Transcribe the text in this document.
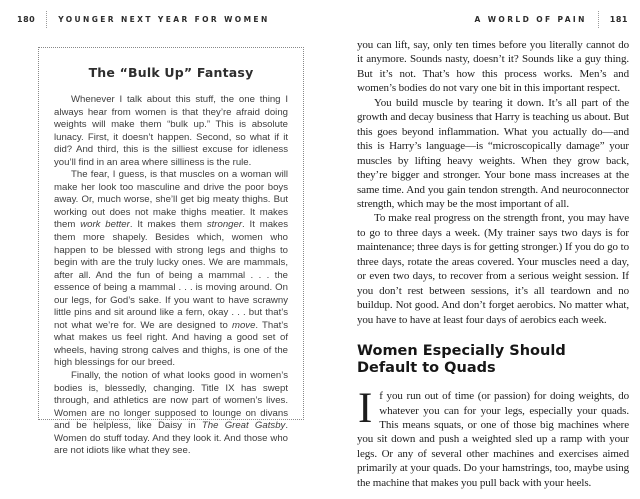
180	YOUNGER NEXT YEAR FOR WOMEN	A WORLD OF PAIN	181
The “Bulk Up” Fantasy

Whenever I talk about this stuff, the one thing I always hear from women is that they’re afraid doing weights will make them “bulk up.” This is absolute lunacy. First, it doesn’t happen. Second, so what if it did? And third, this is the silliest excuse for idleness you’ll find in an area where silliness is the rule.

The fear, I guess, is that muscles on a woman will make her look too masculine and drive the poor boys away. Or, much worse, she’ll get big meaty thighs. But working out does not make thighs meatier. It makes them work better. It makes them stronger. It makes them more shapely. Besides which, women who happen to be blessed with strong legs and thighs to begin with are the truly lucky ones. We are mammals, after all. And the fun of being a mammal . . . the essence of being a mammal . . . is moving around. On our legs, for God’s sake. If you want to have scrawny little pins and sit around like a fern, okay . . . but that’s not what we’re for. We are designed to move. That’s what makes us feel right. And having a good set of wheels, having strong calves and thighs, is one of the high blessings for our breed.

Finally, the notion of what looks good in women’s bodies is, blessedly, changing. Title IX has swept through, and athletics are now part of women’s lives. Women are no longer supposed to lounge on divans and be helpless, like Daisy in The Great Gatsby. Women do stuff today. And they look it. And those who are not idiots like what they see.

you can lift, say, only ten times before you literally cannot do it anymore. Sounds nasty, doesn’t it? Sounds like a guy thing. But it’s not. That’s how this process works. Men’s and women’s bodies do not vary one bit in this important respect.

You build muscle by tearing it down. It’s all part of the growth and decay business that Harry is teaching us about. But this goes beyond inflammation. What you actually do—and this is Harry’s language—is “microscopically damage” your muscles by lifting heavy weights. When they grow back, they’re bigger and stronger. Your bone mass increases at the same time. And you gain tendon strength. And neuroconnector strength, which may be the most important of all.

To make real progress on the strength front, you may have to go to three days a week. (My trainer says two days is for maintenance; three days is for getting stronger.) If you do go to three days, rotate the areas covered. Your muscles need a day, or even two days, to recover from a serious weight session. If you don’t rest between sessions, it’s all teardown and no buildup. Not good. And don’t forget aerobics. No matter what, you have to have at least four days of aerobics each week.

Women Especially Should
Default to Quads

If you run out of time (or passion) for doing weights, do whatever you can for your legs, especially your quads. This means squats, or one of those big machines where you sit down and push a weighted sled up a ramp with your legs. Or any of several other machines and exercises aimed primarily at your quads. Do your hamstrings, too, maybe using the machine that makes you pull back with your heels.
